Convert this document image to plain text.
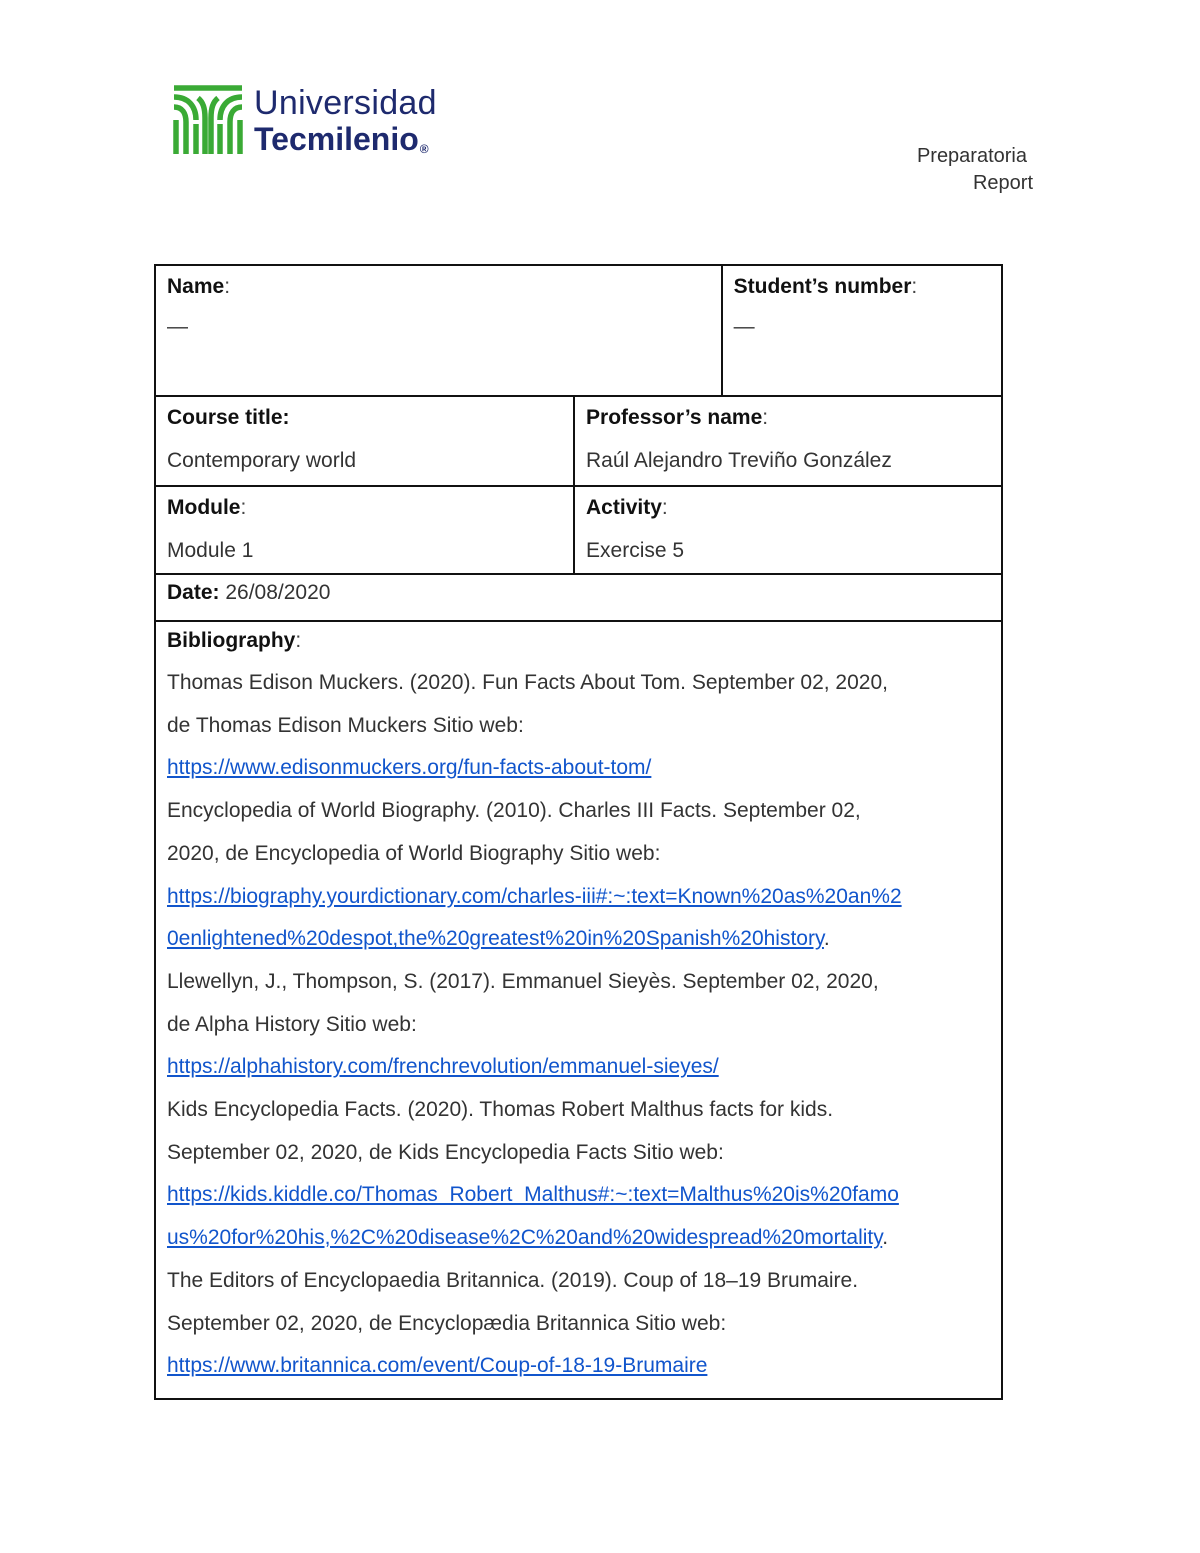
Universidad
Tecmilenio®	Preparatoria
Report
Name:
—
Student’s number:
—
Course title:
Contemporary world
Professor’s name:
Raúl Alejandro Treviño González
Module:
Module 1
Activity:
Exercise 5
Date: 26/08/2020
Bibliography:
Thomas Edison Muckers. (2020). Fun Facts About Tom. September 02, 2020,
de Thomas Edison Muckers Sitio web:
https://www.edisonmuckers.org/fun-facts-about-tom/
Encyclopedia of World Biography. (2010). Charles III Facts. September 02,
2020, de Encyclopedia of World Biography Sitio web:
https://biography.yourdictionary.com/charles-iii#:~:text=Known%20as%20an%2
0enlightened%20despot,the%20greatest%20in%20Spanish%20history.
Llewellyn, J., Thompson, S. (2017). Emmanuel Sieyès. September 02, 2020,
de Alpha History Sitio web:
https://alphahistory.com/frenchrevolution/emmanuel-sieyes/
Kids Encyclopedia Facts. (2020). Thomas Robert Malthus facts for kids.
September 02, 2020, de Kids Encyclopedia Facts Sitio web:
https://kids.kiddle.co/Thomas_Robert_Malthus#:~:text=Malthus%20is%20famo
us%20for%20his,%2C%20disease%2C%20and%20widespread%20mortality.
The Editors of Encyclopaedia Britannica. (2019). Coup of 18–19 Brumaire.
September 02, 2020, de Encyclopædia Britannica Sitio web:
https://www.britannica.com/event/Coup-of-18-19-Brumaire
